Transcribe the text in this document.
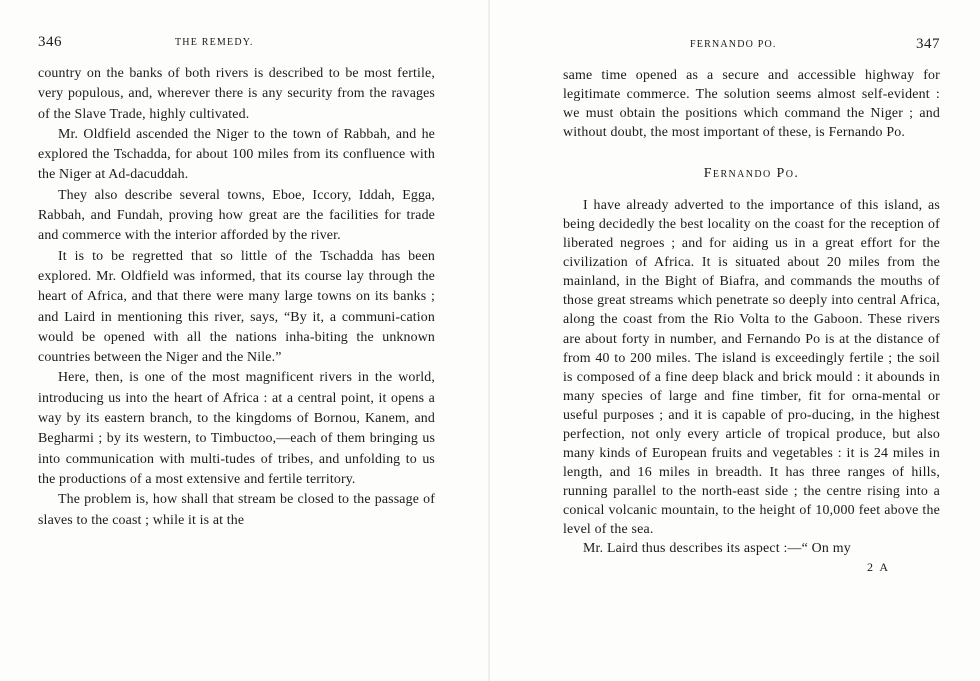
346	THE REMEDY.

country on the banks of both rivers is described to be most fertile, very populous, and, wherever there is any security from the ravages of the Slave Trade, highly cultivated.

Mr. Oldfield ascended the Niger to the town of Rabbah, and he explored the Tschadda, for about 100 miles from its confluence with the Niger at Ad-dacuddah.

They also describe several towns, Eboe, Iccory, Iddah, Egga, Rabbah, and Fundah, proving how great are the facilities for trade and commerce with the interior afforded by the river.

It is to be regretted that so little of the Tschadda has been explored. Mr. Oldfield was informed, that its course lay through the heart of Africa, and that there were many large towns on its banks ; and Laird in mentioning this river, says, “By it, a communi-cation would be opened with all the nations inha-biting the unknown countries between the Niger and the Nile.”

Here, then, is one of the most magnificent rivers in the world, introducing us into the heart of Africa : at a central point, it opens a way by its eastern branch, to the kingdoms of Bornou, Kanem, and Begharmi ; by its western, to Timbuctoo,—each of them bringing us into communication with multi-tudes of tribes, and unfolding to us the productions of a most extensive and fertile territory.

The problem is, how shall that stream be closed to the passage of slaves to the coast ; while it is at the

FERNANDO PO.	347

same time opened as a secure and accessible highway for legitimate commerce. The solution seems almost self-evident : we must obtain the positions which command the Niger ; and without doubt, the most important of these, is Fernando Po.

Fernando Po.

I have already adverted to the importance of this island, as being decidedly the best locality on the coast for the reception of liberated negroes ; and for aiding us in a great effort for the civilization of Africa. It is situated about 20 miles from the mainland, in the Bight of Biafra, and commands the mouths of those great streams which penetrate so deeply into central Africa, along the coast from the Rio Volta to the Gaboon. These rivers are about forty in number, and Fernando Po is at the distance of from 40 to 200 miles. The island is exceedingly fertile ; the soil is composed of a fine deep black and brick mould : it abounds in many species of large and fine timber, fit for orna-mental or useful purposes ; and it is capable of pro-ducing, in the highest perfection, not only every article of tropical produce, but also many kinds of European fruits and vegetables : it is 24 miles in length, and 16 miles in breadth. It has three ranges of hills, running parallel to the north-east side ; the centre rising into a conical volcanic mountain, to the height of 10,000 feet above the level of the sea.

Mr. Laird thus describes its aspect :—“ On my

2 A
